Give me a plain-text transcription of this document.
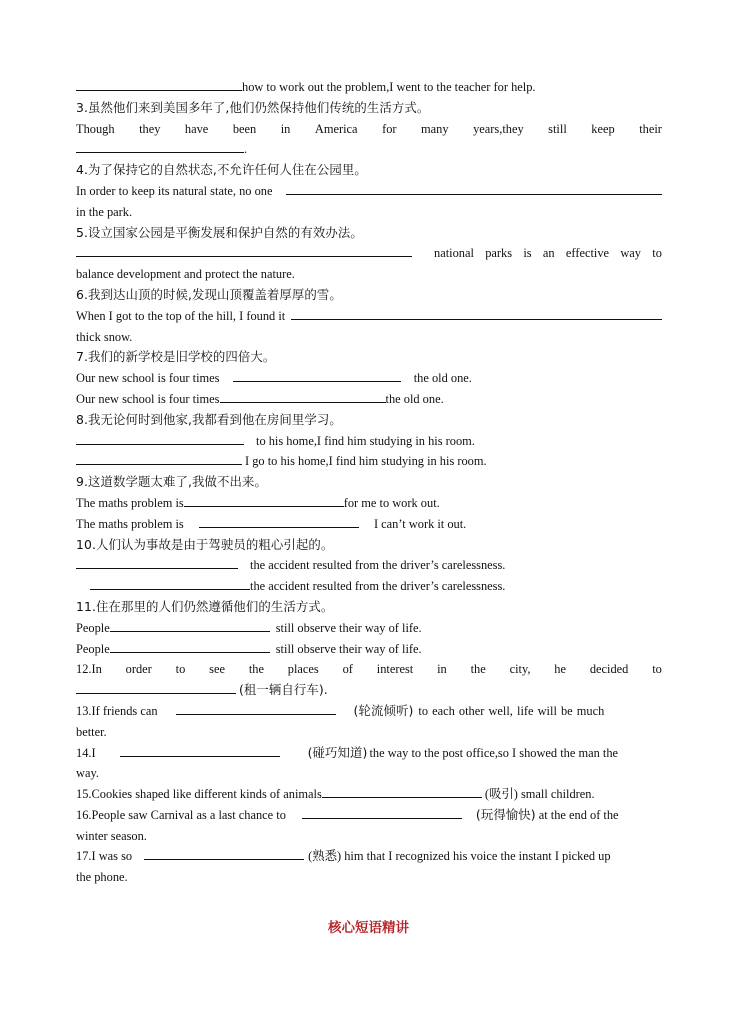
how to work out the problem,I went to the teacher for help.
3.虽然他们来到美国多年了,他们仍然保持他们传统的生活方式。
Though they have been in America for many years,they still keep their
.
4.为了保持它的自然状态,不允许任何人住在公园里。
In order to keep its natural state, no one
in the park.
5.设立国家公园是平衡发展和保护自然的有效办法。
national parks is an effective way to
balance development and protect the nature.
6.我到达山顶的时候,发现山顶覆盖着厚厚的雪。
When I got to the top of the hill, I found it
thick snow.
7.我们的新学校是旧学校的四倍大。
Our new school is four times	the old one.
Our new school is four times	the old one.
8.我无论何时到他家,我都看到他在房间里学习。
to his home,I find him studying in his room.
I go to his home,I find him studying in his room.
9.这道数学题太难了,我做不出来。
The maths problem is	for me to work out.
The maths problem is	I can’t work it out.
10.人们认为事故是由于驾驶员的粗心引起的。
the accident resulted from the driver’s carelessness.
the accident resulted from the driver’s carelessness.
11.住在那里的人们仍然遵循他们的生活方式。
People	still observe their way of life.
People	still observe their way of life.
12.In order to see the places of interest in the city, he decided to
(租一辆自行车).
13.If friends can	(轮流倾听) to each other well, life will be much
better.
14.I	(碰巧知道) the way to the post office,so I showed the man the
way.
15.Cookies shaped like different kinds of animals	(吸引) small children.
16.People saw Carnival as a last chance to	(玩得愉快) at the end of the
winter season.
17.I was so	(熟悉) him that I recognized his voice the instant I picked up
the phone.
核心短语精讲
